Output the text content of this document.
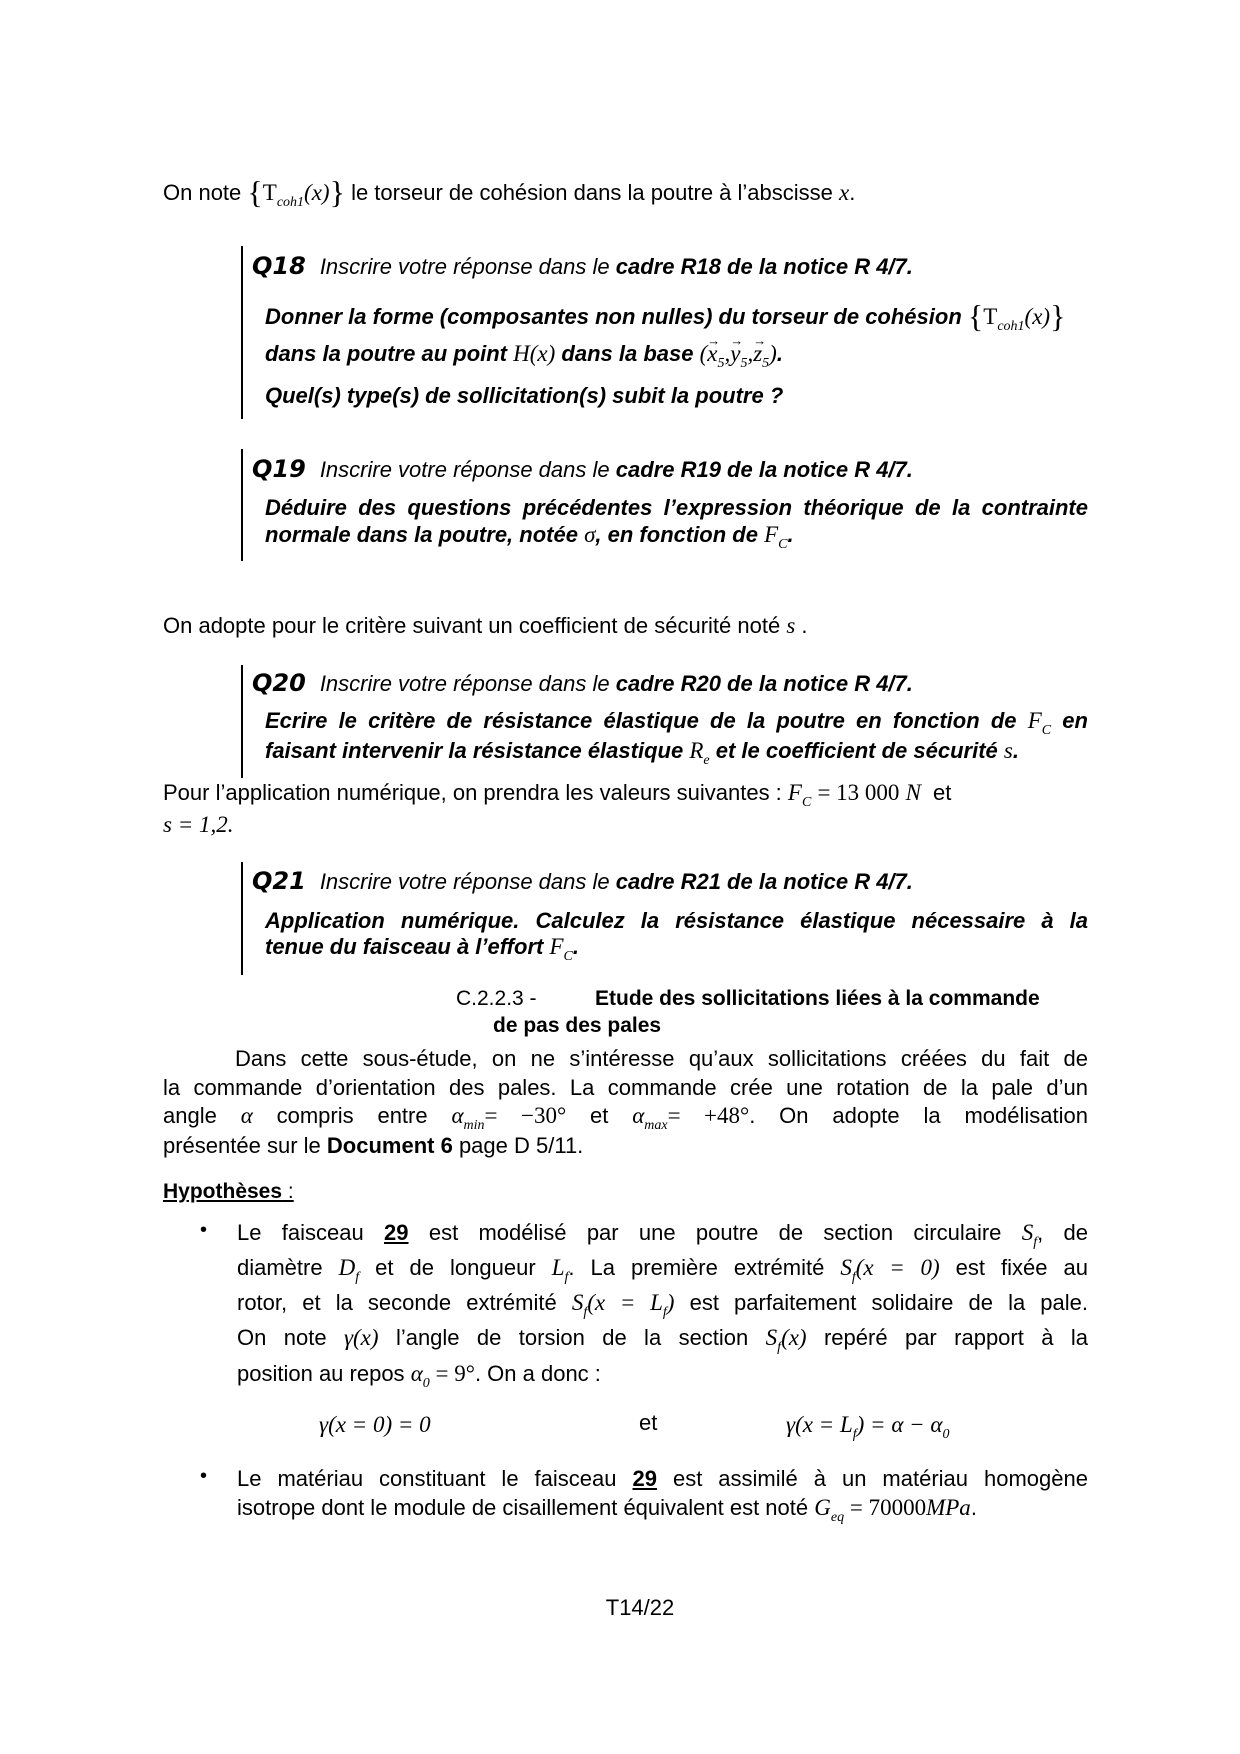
On note $\{T_{coh1}(x)\}$ le torseur de cohésion dans la poutre à l’abscisse x.
Q18 Inscrire votre réponse dans le cadre R18 de la notice R 4/7.
Donner la forme (composantes non nulles) du torseur de cohésion $\{T_{coh1}(x)\}$
dans la poutre au point H(x) dans la base (→ $x_5,\to y_5,\to z_5$).
Quel(s) type(s) de sollicitation(s) subit la poutre ?
Q19 Inscrire votre réponse dans le cadre R19 de la notice R 4/7.
Déduire des questions précédentes l’expression théorique de la contrainte
normale dans la poutre, notée σ, en fonction de $F_C$.
On adopte pour le critère suivant un coefficient de sécurité noté s .
Q20 Inscrire votre réponse dans le cadre R20 de la notice R 4/7.
Ecrire le critère de résistance élastique de la poutre en fonction de $F_C$ en
faisant intervenir la résistance élastique $R_e$ et le coefficient de sécurité s.
Pour l’application numérique, on prendra les valeurs suivantes : $F_C = 13$ 000 N et
s = 1,2.
Q21 Inscrire votre réponse dans le cadre R21 de la notice R 4/7.
Application numérique. Calculez la résistance élastique nécessaire à la
tenue du faisceau à l’effort $F_C$.
C.2.2.3 -	Etude des sollicitations liées à la commande
de pas des pales
Dans cette sous-étude, on ne s’intéresse qu’aux sollicitations créées du fait de
la commande d’orientation des pales. La commande crée une rotation de la pale d’un
angle α compris entre $\alpha_{min}= -30^\circ$ et $\alpha_{max}= +48^\circ$. On adopte la modélisation
présentée sur le Document 6 page D 5/11.
Hypothèses :
• Le faisceau 29 est modélisé par une poutre de section circulaire $S_f$, de
diamètre $D_f$ et de longueur $L_f$. La première extrémité $S_f(x = 0)$ est fixée au
rotor, et la seconde extrémité $S_f(x = L_f)$ est parfaitement solidaire de la pale.
On note γ(x) l’angle de torsion de la section $S_f(x)$ repéré par rapport à la
position au repos $\alpha_0 = 9^\circ$. On a donc :
γ(x = 0) = 0	et	$\gamma(x = L_f) = \alpha - \alpha_0$
• Le matériau constituant le faisceau 29 est assimilé à un matériau homogène
isotrope dont le module de cisaillement équivalent est noté $G_{eq} = 70000MPa$.
T14/22
